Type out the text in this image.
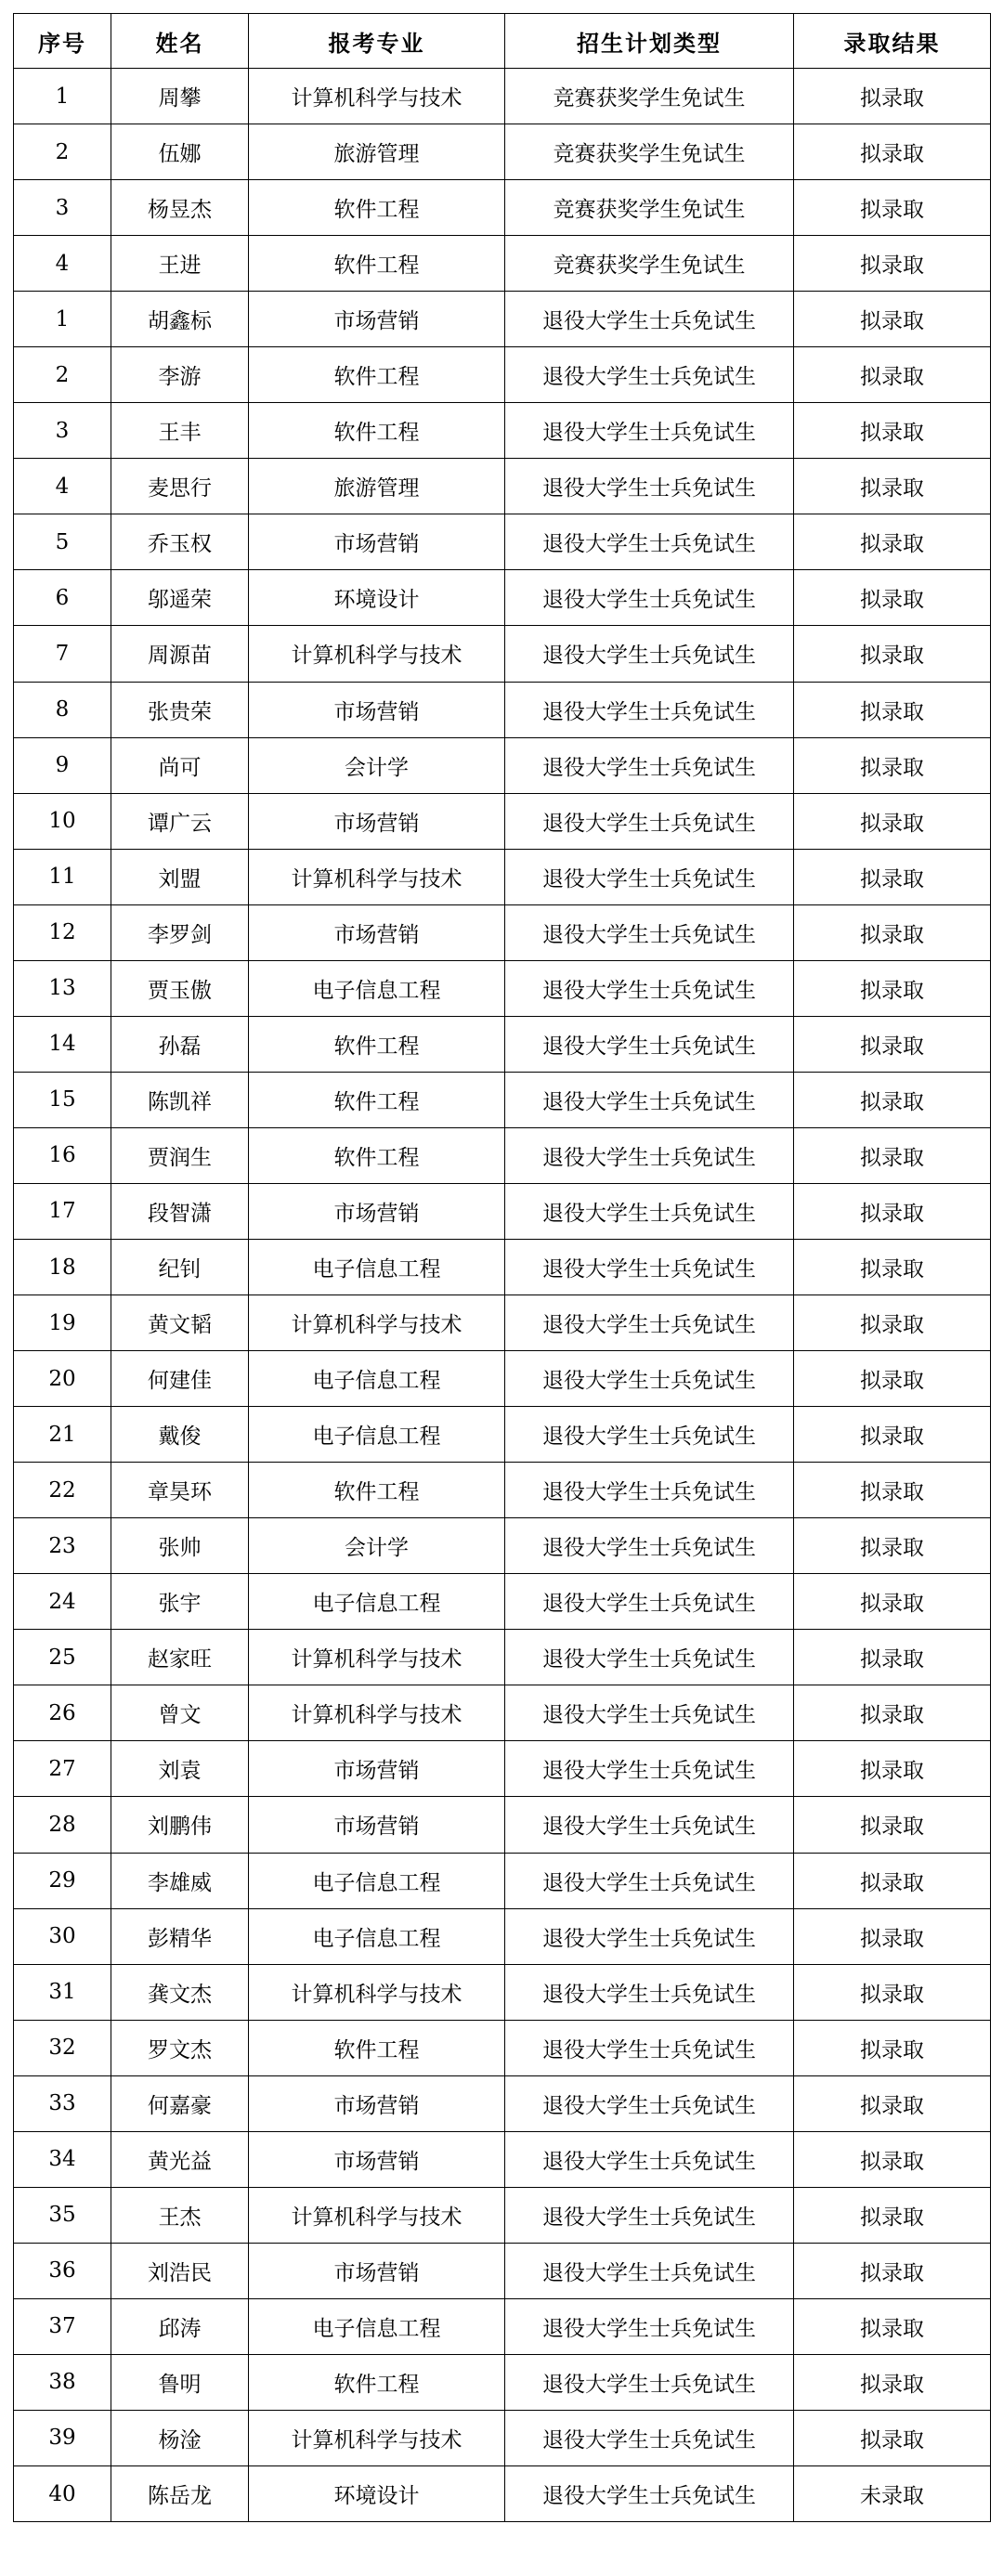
序号	姓名	报考专业	招生计划类型	录取结果
1	周攀	计算机科学与技术	竞赛获奖学生免试生	拟录取
2	伍娜	旅游管理	竞赛获奖学生免试生	拟录取
3	杨昱杰	软件工程	竞赛获奖学生免试生	拟录取
4	王进	软件工程	竞赛获奖学生免试生	拟录取
1	胡鑫标	市场营销	退役大学生士兵免试生	拟录取
2	李游	软件工程	退役大学生士兵免试生	拟录取
3	王丰	软件工程	退役大学生士兵免试生	拟录取
4	麦思行	旅游管理	退役大学生士兵免试生	拟录取
5	乔玉权	市场营销	退役大学生士兵免试生	拟录取
6	邬遥荣	环境设计	退役大学生士兵免试生	拟录取
7	周源苗	计算机科学与技术	退役大学生士兵免试生	拟录取
8	张贵荣	市场营销	退役大学生士兵免试生	拟录取
9	尚可	会计学	退役大学生士兵免试生	拟录取
10	谭广云	市场营销	退役大学生士兵免试生	拟录取
11	刘盟	计算机科学与技术	退役大学生士兵免试生	拟录取
12	李罗剑	市场营销	退役大学生士兵免试生	拟录取
13	贾玉傲	电子信息工程	退役大学生士兵免试生	拟录取
14	孙磊	软件工程	退役大学生士兵免试生	拟录取
15	陈凯祥	软件工程	退役大学生士兵免试生	拟录取
16	贾润生	软件工程	退役大学生士兵免试生	拟录取
17	段智潇	市场营销	退役大学生士兵免试生	拟录取
18	纪钊	电子信息工程	退役大学生士兵免试生	拟录取
19	黄文韬	计算机科学与技术	退役大学生士兵免试生	拟录取
20	何建佳	电子信息工程	退役大学生士兵免试生	拟录取
21	戴俊	电子信息工程	退役大学生士兵免试生	拟录取
22	章昊环	软件工程	退役大学生士兵免试生	拟录取
23	张帅	会计学	退役大学生士兵免试生	拟录取
24	张宇	电子信息工程	退役大学生士兵免试生	拟录取
25	赵家旺	计算机科学与技术	退役大学生士兵免试生	拟录取
26	曾文	计算机科学与技术	退役大学生士兵免试生	拟录取
27	刘袁	市场营销	退役大学生士兵免试生	拟录取
28	刘鹏伟	市场营销	退役大学生士兵免试生	拟录取
29	李雄威	电子信息工程	退役大学生士兵免试生	拟录取
30	彭精华	电子信息工程	退役大学生士兵免试生	拟录取
31	龚文杰	计算机科学与技术	退役大学生士兵免试生	拟录取
32	罗文杰	软件工程	退役大学生士兵免试生	拟录取
33	何嘉豪	市场营销	退役大学生士兵免试生	拟录取
34	黄光益	市场营销	退役大学生士兵免试生	拟录取
35	王杰	计算机科学与技术	退役大学生士兵免试生	拟录取
36	刘浩民	市场营销	退役大学生士兵免试生	拟录取
37	邱涛	电子信息工程	退役大学生士兵免试生	拟录取
38	鲁明	软件工程	退役大学生士兵免试生	拟录取
39	杨淦	计算机科学与技术	退役大学生士兵免试生	拟录取
40	陈岳龙	环境设计	退役大学生士兵免试生	未录取
